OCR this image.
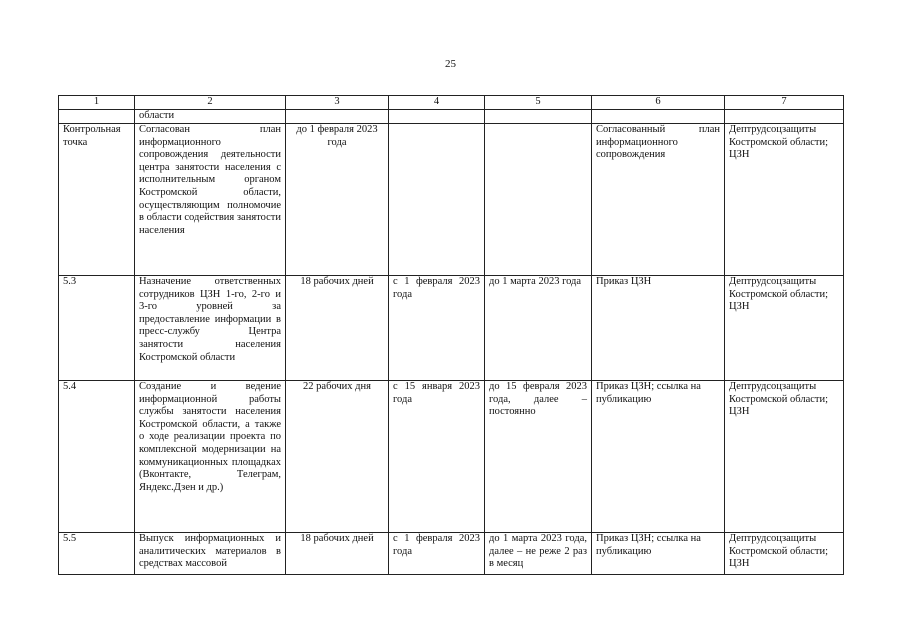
25
1	2	3	4	5	6	7
	области					
Контрольная точка	Согласован план информационного сопровождения деятельности центра занятости населения с исполнительным органом Костромской области, осуществляющим полномочие в области содействия занятости населения	до 1 февраля 2023 года			Согласованный план информационного сопровождения	Дептрудсоцзащиты Костромской области; ЦЗН
5.3	Назначение ответственных сотрудников ЦЗН 1-го, 2-го и 3-го уровней за предоставление информации в пресс-службу Центра занятости населения Костромской области	18 рабочих дней	с 1 февраля 2023 года	до 1 марта 2023 года	Приказ ЦЗН	Дептрудсоцзащиты Костромской области; ЦЗН
5.4	Создание и ведение информационной работы службы занятости населения Костромской области, а также о ходе реализации проекта по комплексной модернизации на коммуникационных площадках (Вконтакте, Телеграм, Яндекс.Дзен и др.)	22 рабочих дня	с 15 января 2023 года	до 15 февраля 2023 года, далее – постоянно	Приказ ЦЗН; ссылка на публикацию	Дептрудсоцзащиты Костромской области; ЦЗН
5.5	Выпуск информационных и аналитических материалов в средствах массовой	18 рабочих дней	с 1 февраля 2023 года	до 1 марта 2023 года, далее – не реже 2 раз в месяц	Приказ ЦЗН; ссылка на публикацию	Дептрудсоцзащиты Костромской области; ЦЗН
